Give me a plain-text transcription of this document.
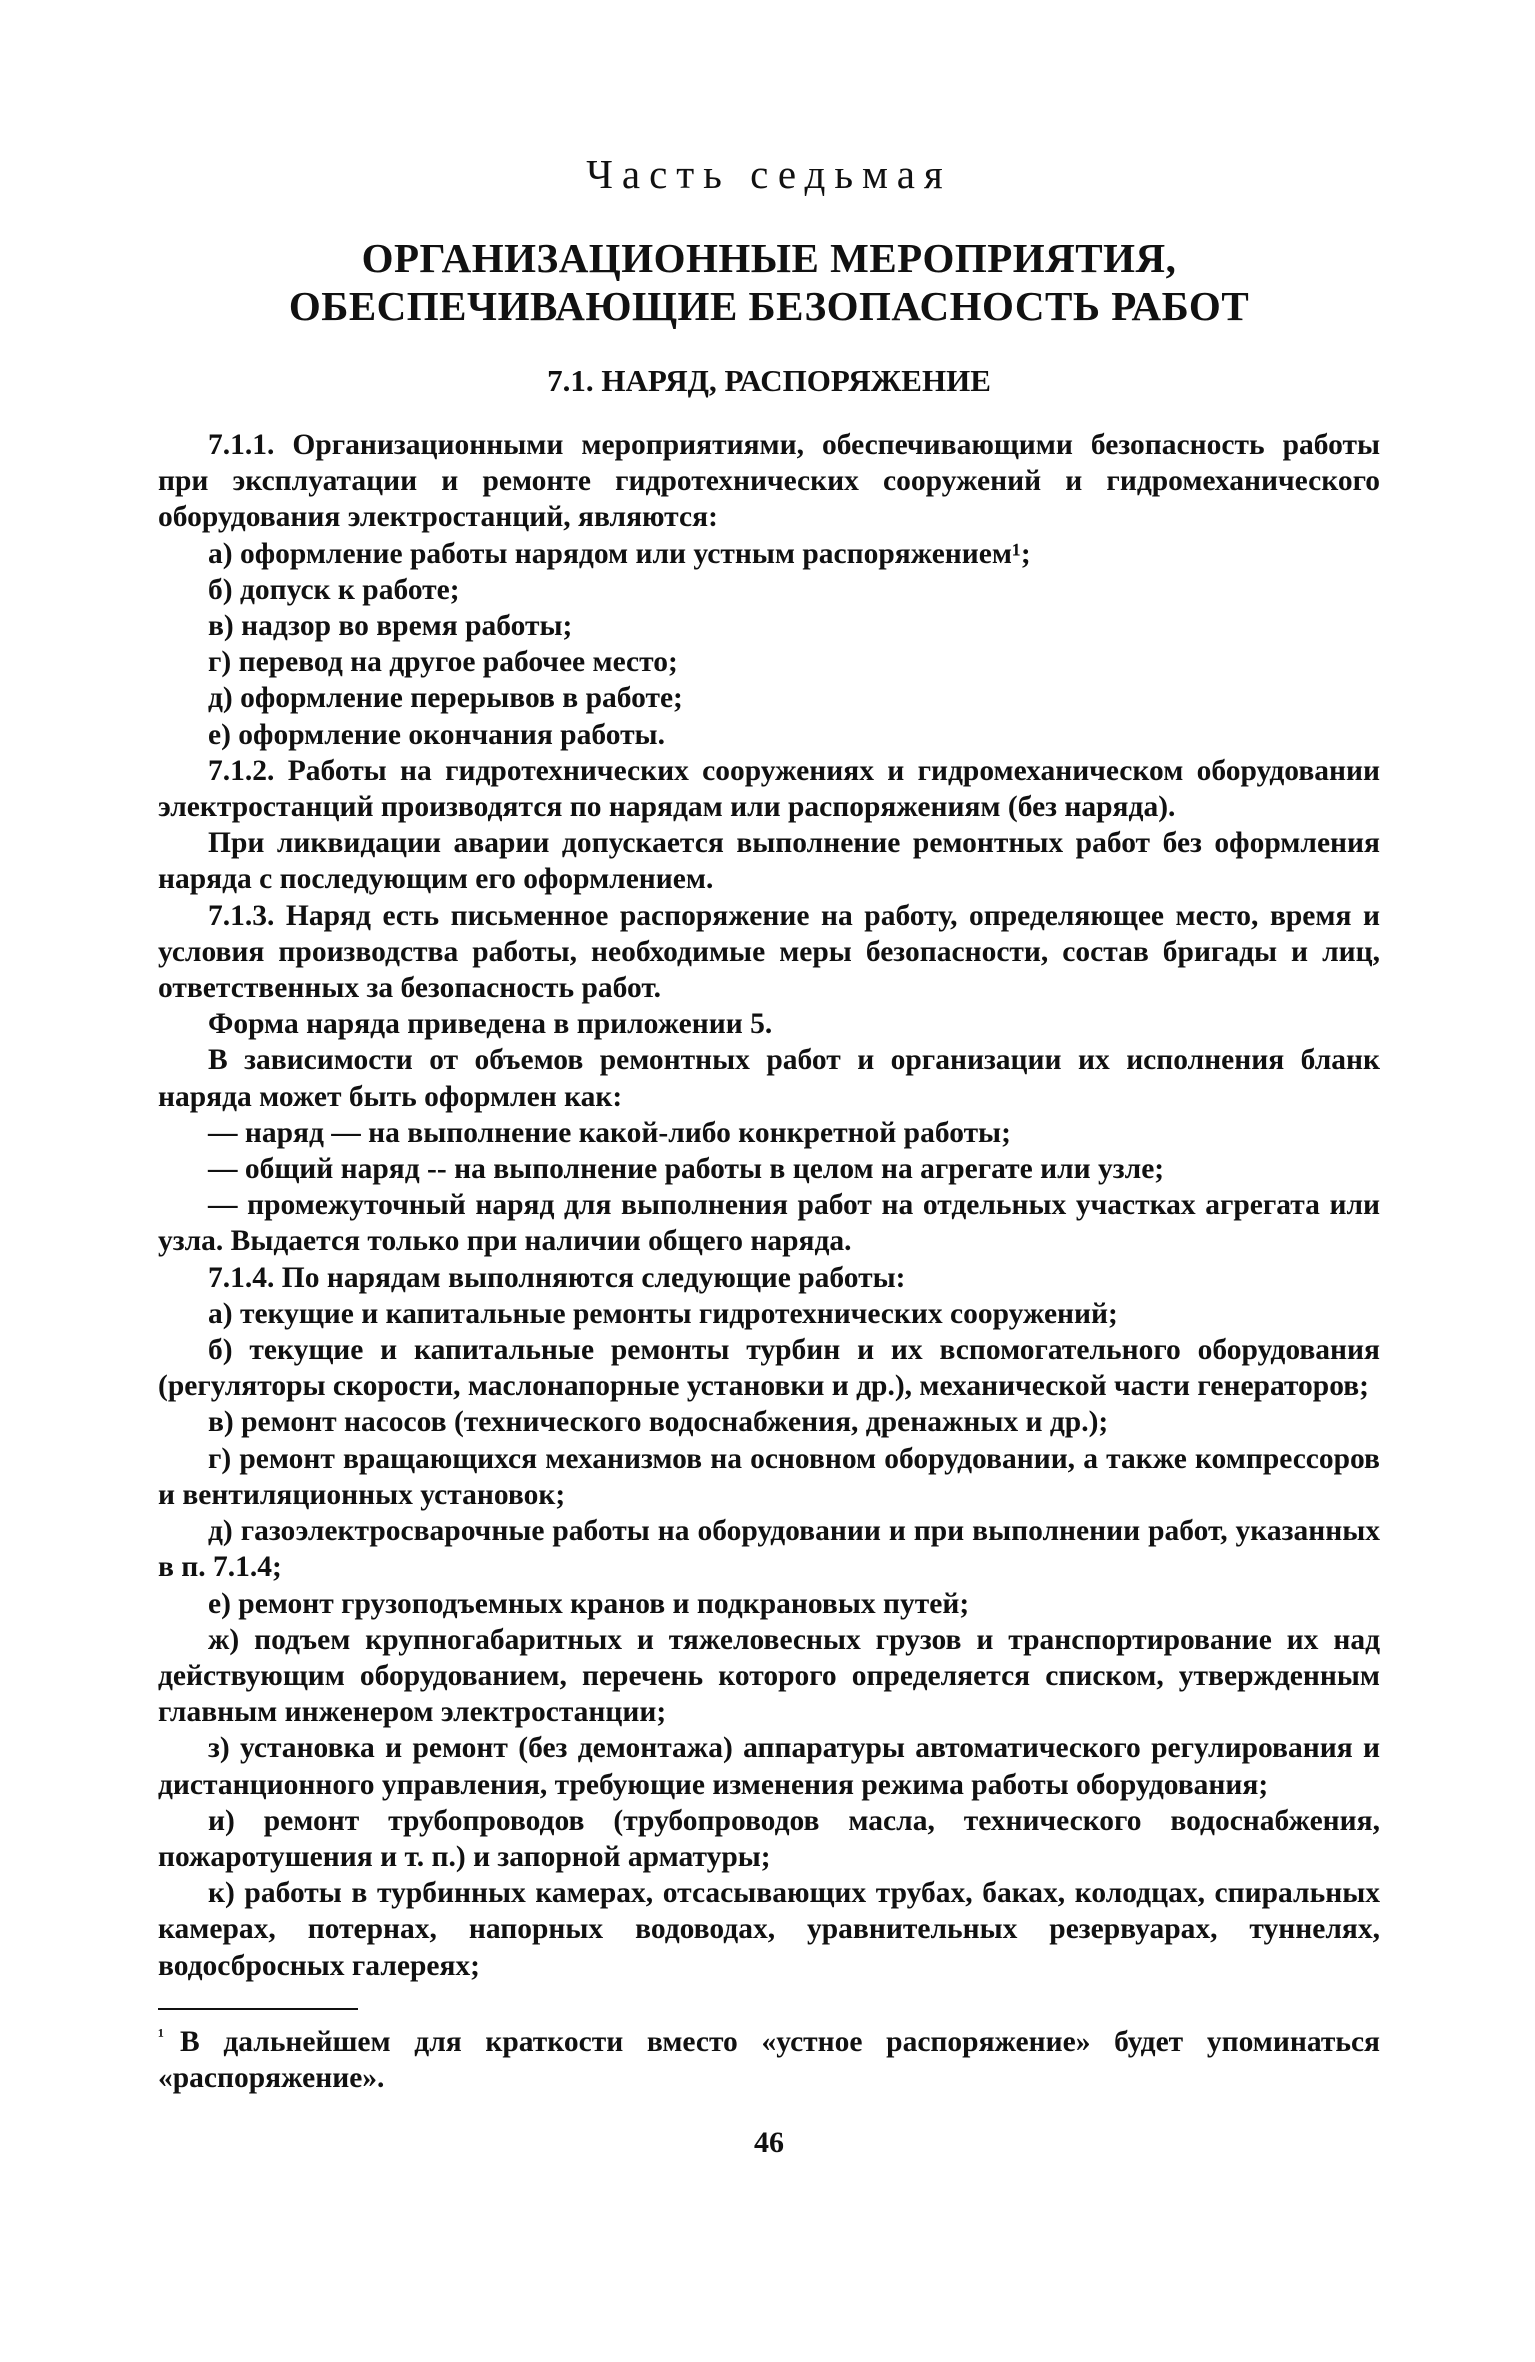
Часть седьмая
ОРГАНИЗАЦИОННЫЕ МЕРОПРИЯТИЯ,
ОБЕСПЕЧИВАЮЩИЕ БЕЗОПАСНОСТЬ РАБОТ
7.1. НАРЯД, РАСПОРЯЖЕНИЕ

7.1.1. Организационными мероприятиями, обеспечивающими безопасность работы при эксплуатации и ремонте гидротехнических сооружений и гидромеханического оборудования электростанций, являются:

а) оформление работы нарядом или устным распоряжением¹;

б) допуск к работе;

в) надзор во время работы;

г) перевод на другое рабочее место;

д) оформление перерывов в работе;

е) оформление окончания работы.

7.1.2. Работы на гидротехнических сооружениях и гидромеханическом оборудовании электростанций производятся по нарядам или распоряжениям (без наряда).

При ликвидации аварии допускается выполнение ремонтных работ без оформления наряда с последующим его оформлением.

7.1.3. Наряд есть письменное распоряжение на работу, определяющее место, время и условия производства работы, необходимые меры безопасности, состав бригады и лиц, ответственных за безопасность работ.

Форма наряда приведена в приложении 5.

В зависимости от объемов ремонтных работ и организации их исполнения бланк наряда может быть оформлен как:

— наряд — на выполнение какой-либо конкретной работы;

— общий наряд -- на выполнение работы в целом на агрегате или узле;

— промежуточный наряд для выполнения работ на отдельных участках агрегата или узла. Выдается только при наличии общего наряда.

7.1.4. По нарядам выполняются следующие работы:

а) текущие и капитальные ремонты гидротехнических сооружений;

б) текущие и капитальные ремонты турбин и их вспомогательного оборудования (регуляторы скорости, маслонапорные установки и др.), механической части генераторов;

в) ремонт насосов (технического водоснабжения, дренажных и др.);

г) ремонт вращающихся механизмов на основном оборудовании, а также компрессоров и вентиляционных установок;

д) газоэлектросварочные работы на оборудовании и при выполнении работ, указанных в п. 7.1.4;

е) ремонт грузоподъемных кранов и подкрановых путей;

ж) подъем крупногабаритных и тяжеловесных грузов и транспортирование их над действующим оборудованием, перечень которого определяется списком, утвержденным главным инженером электростанции;

з) установка и ремонт (без демонтажа) аппаратуры автоматического регулирования и дистанционного управления, требующие изменения режима работы оборудования;

и) ремонт трубопроводов (трубопроводов масла, технического водоснабжения, пожаротушения и т. п.) и запорной арматуры;

к) работы в турбинных камерах, отсасывающих трубах, баках, колодцах, спиральных камерах, потернах, напорных водоводах, уравнительных резервуарах, туннелях, водосбросных галереях;

¹ В дальнейшем для краткости вместо «устное распоряжение» будет упоминаться «распоряжение».
46
